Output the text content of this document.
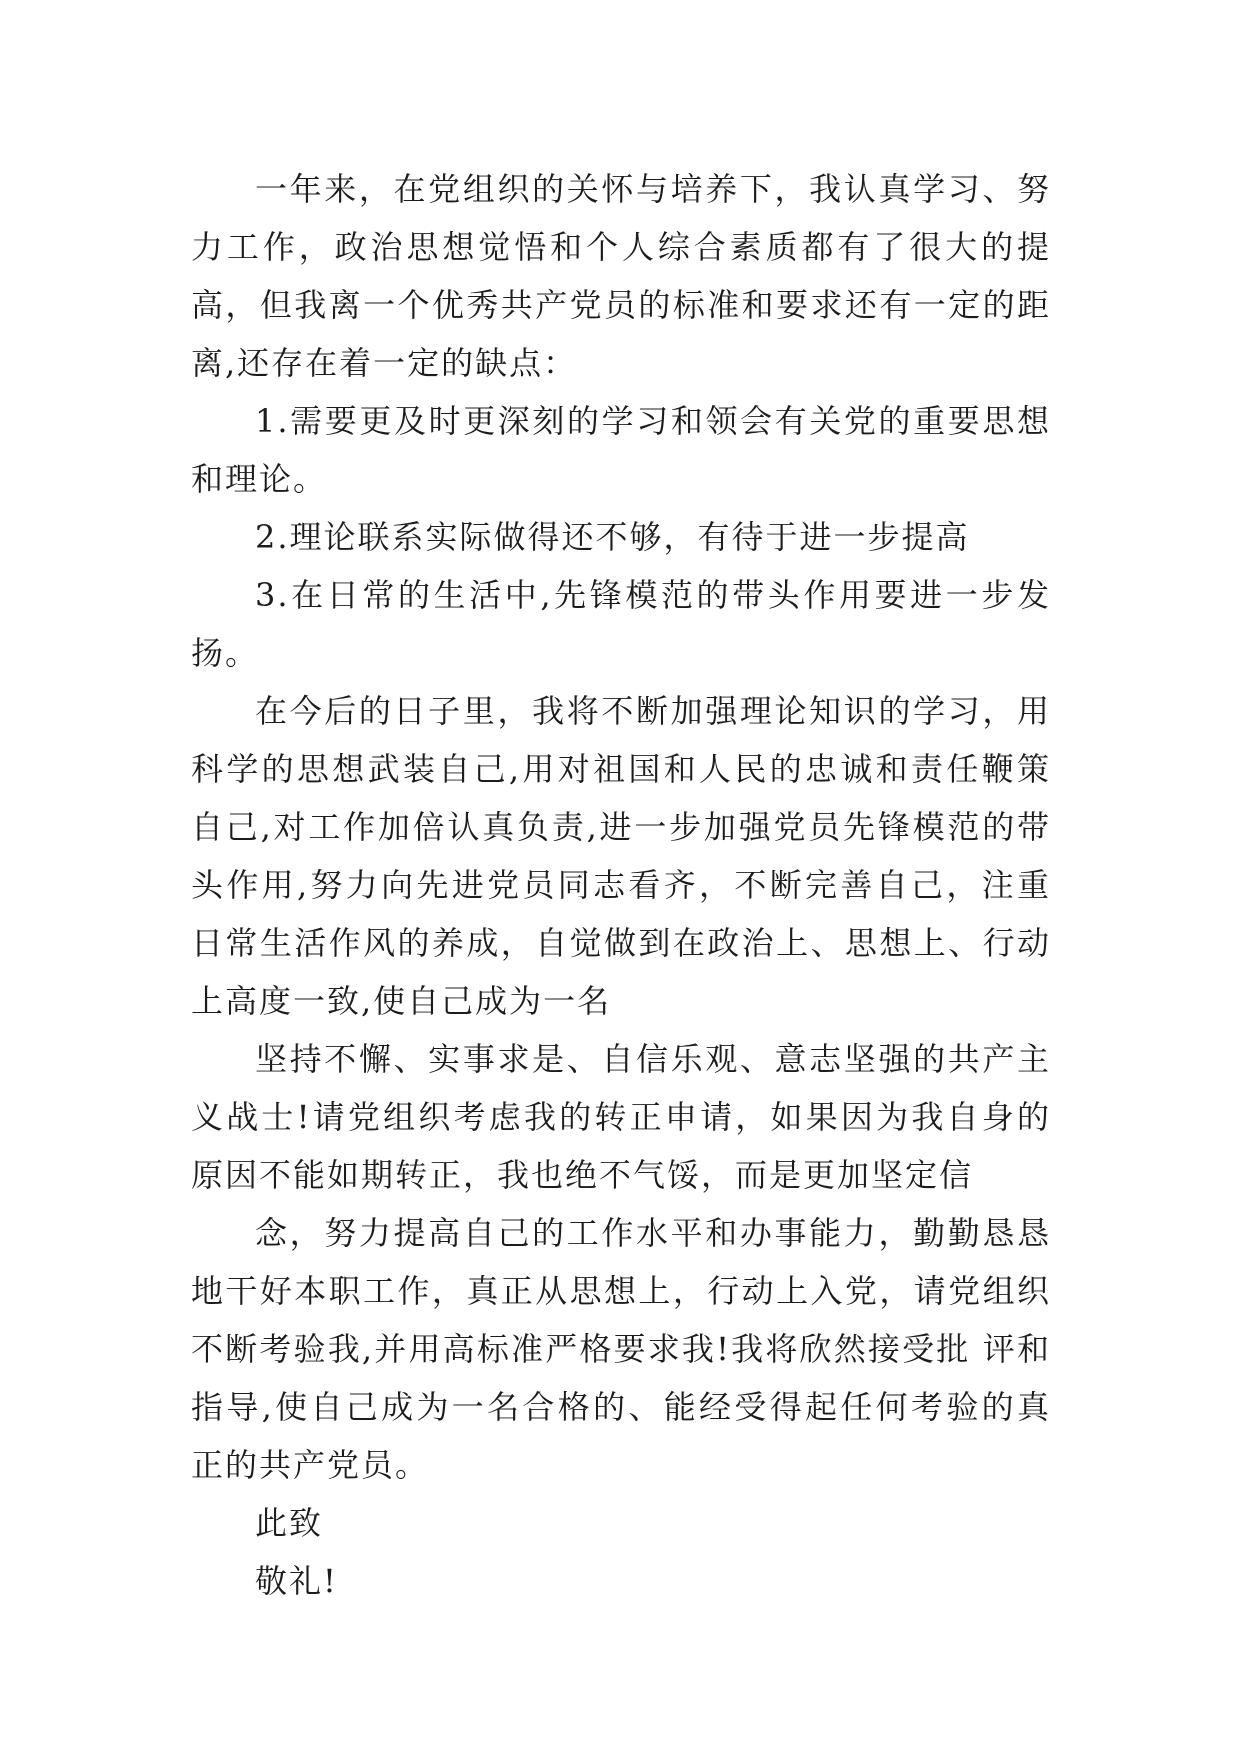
一年来，在党组织的关怀与培养下，我认真学习、努力工作，政治思想觉悟和个人综合素质都有了很大的提高，但我离一个优秀共产党员的标准和要求还有一定的距离,还存在着一定的缺点：

1.需要更及时更深刻的学习和领会有关党的重要思想和理论。

2.理论联系实际做得还不够，有待于进一步提高

3.在日常的生活中,先锋模范的带头作用要进一步发扬。

在今后的日子里，我将不断加强理论知识的学习，用科学的思想武装自己,用对祖国和人民的忠诚和责任鞭策自己,对工作加倍认真负责,进一步加强党员先锋模范的带头作用,努力向先进党员同志看齐，不断完善自己，注重日常生活作风的养成，自觉做到在政治上、思想上、行动上高度一致,使自己成为一名

坚持不懈、实事求是、自信乐观、意志坚强的共产主义战士!请党组织考虑我的转正申请，如果因为我自身的原因不能如期转正，我也绝不气馁，而是更加坚定信

念，努力提高自己的工作水平和办事能力，勤勤恳恳地干好本职工作，真正从思想上，行动上入党，请党组织不断考验我,并用高标准严格要求我!我将欣然接受批 评和指导,使自己成为一名合格的、能经受得起任何考验的真正的共产党员。

此致

敬礼!
